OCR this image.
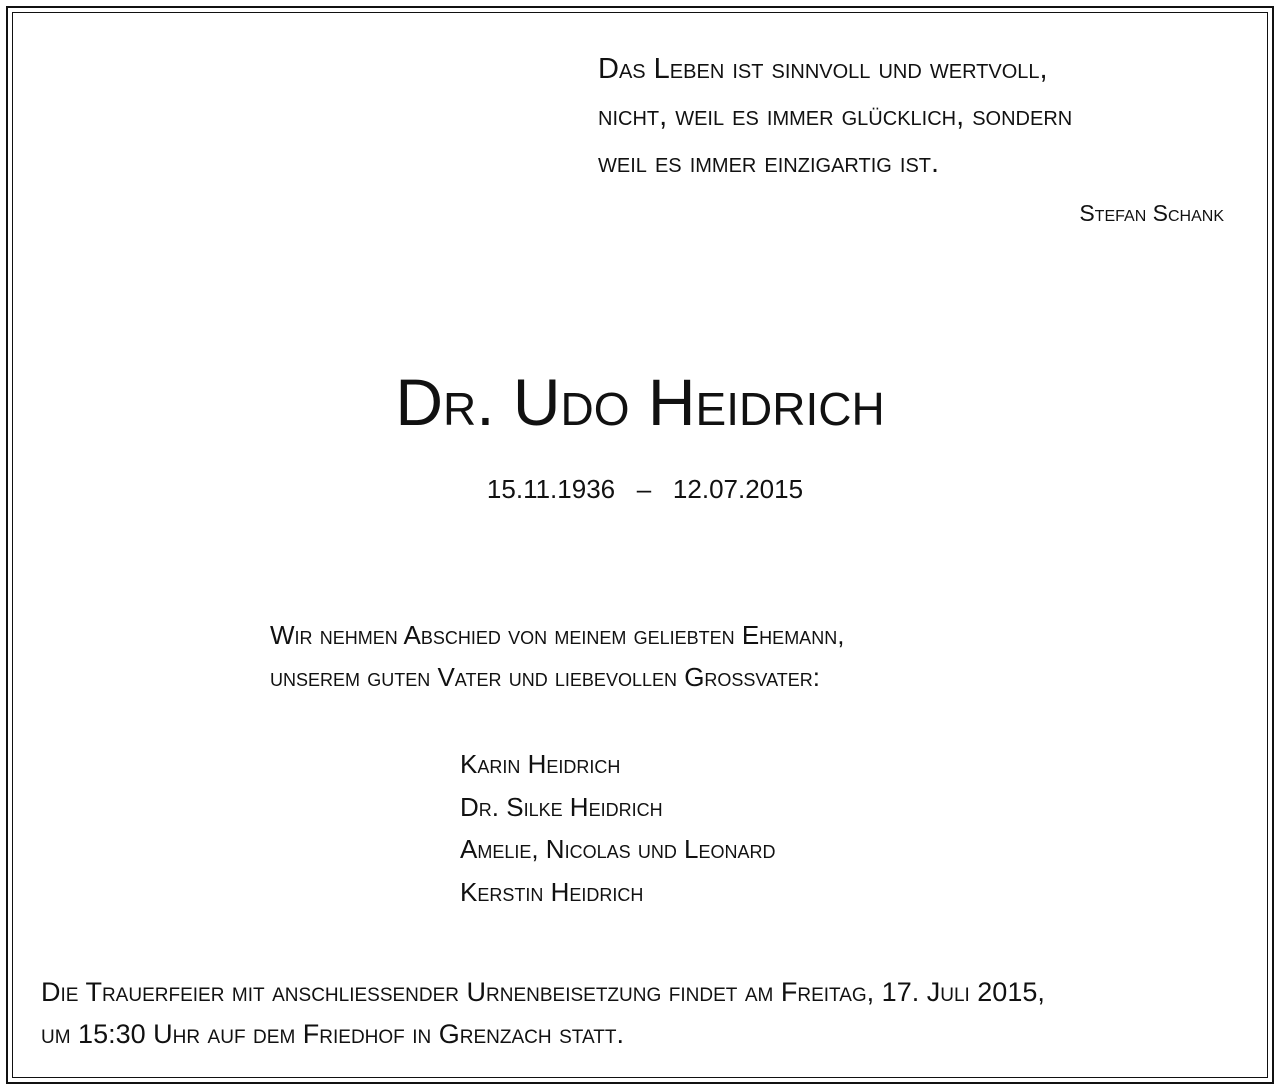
Das Leben ist sinnvoll und wertvoll,
nicht, weil es immer glücklich, sondern
weil es immer einzigartig ist.
Stefan Schank
Dr. Udo Heidrich
15.11.1936   –   12.07.2015
Wir nehmen Abschied von meinem geliebten Ehemann,
unserem guten Vater und liebevollen Grossvater:
Karin Heidrich
Dr. Silke Heidrich
Amelie, Nicolas und Leonard
Kerstin Heidrich
Die Trauerfeier mit anschließender Urnenbeisetzung findet am Freitag, 17. Juli 2015,
um 15:30 Uhr auf dem Friedhof in Grenzach statt.
